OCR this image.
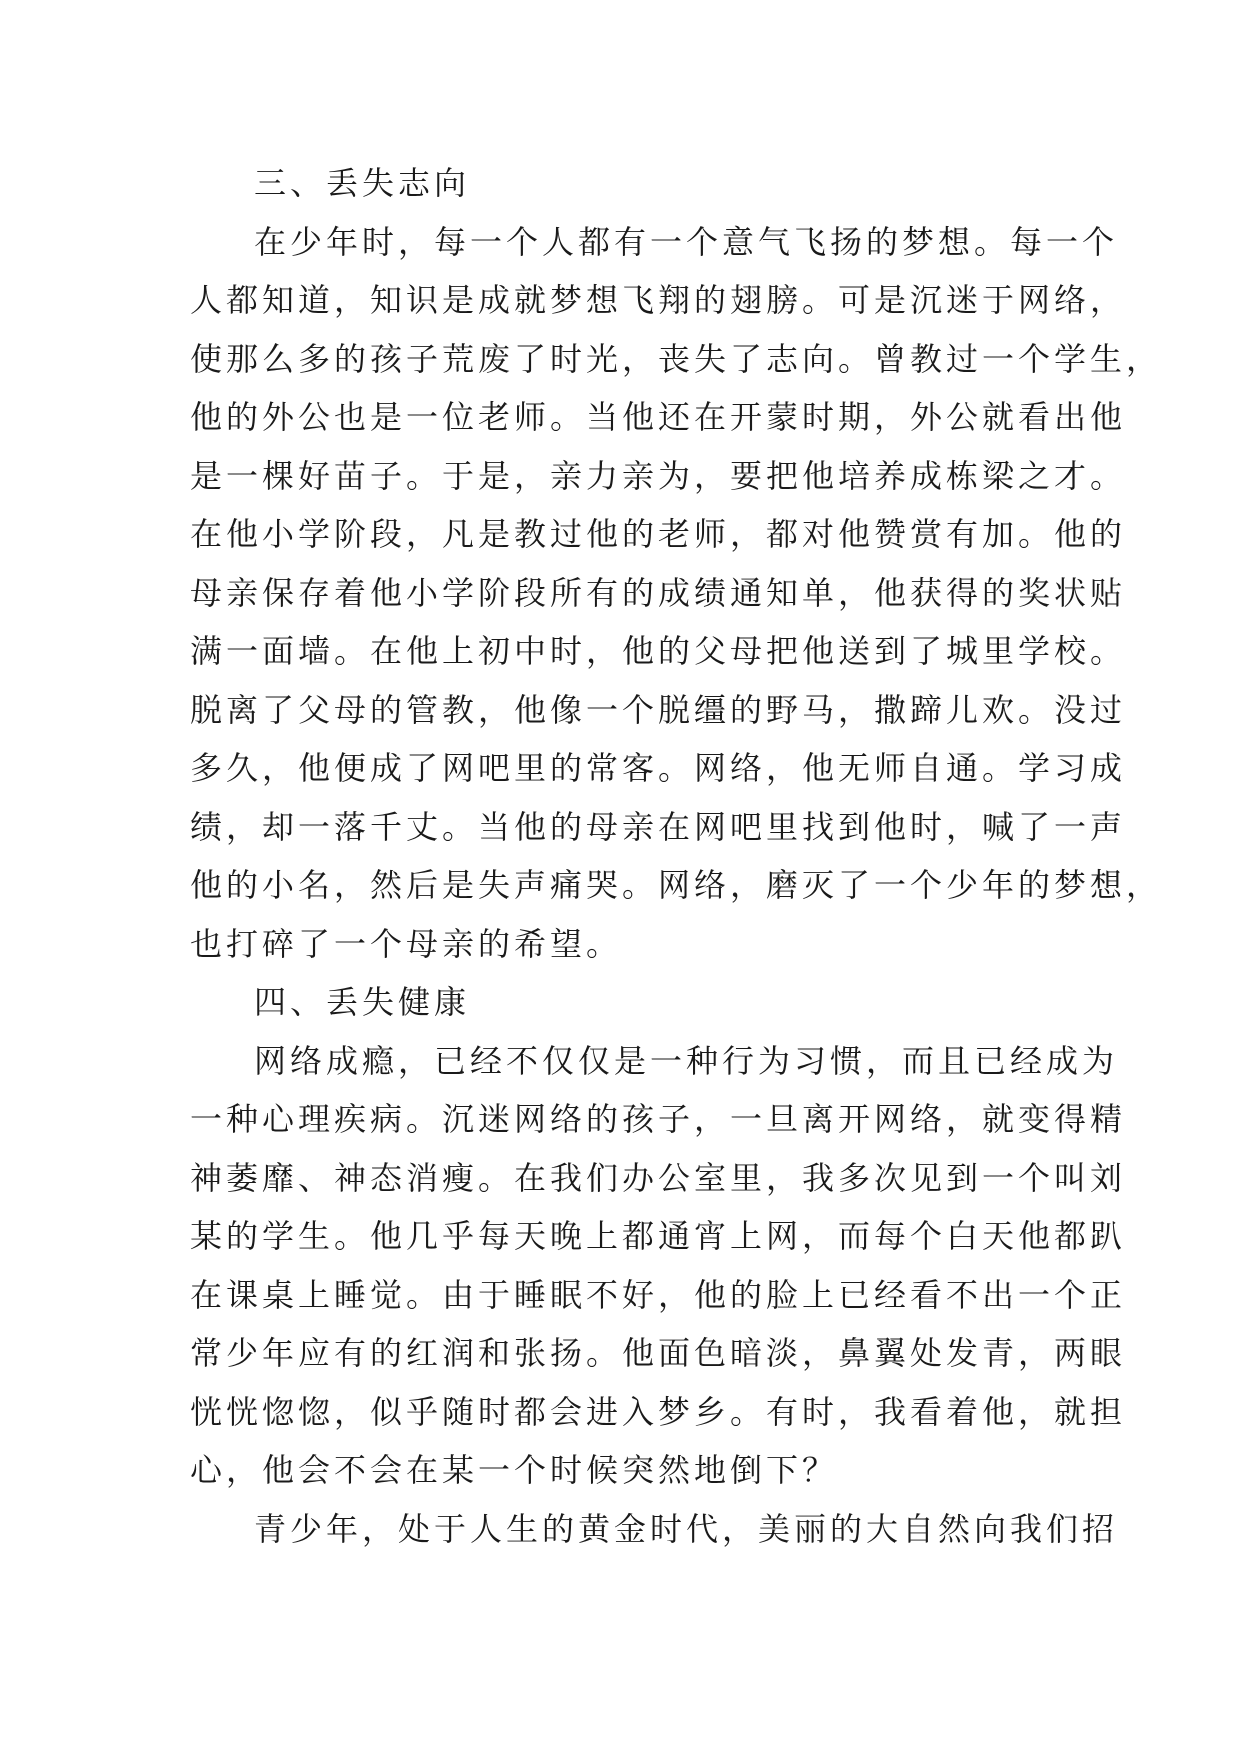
三、丢失志向
在少年时，每一个人都有一个意气飞扬的梦想。每一个
人都知道，知识是成就梦想飞翔的翅膀。可是沉迷于网络，
使那么多的孩子荒废了时光，丧失了志向。曾教过一个学生，
他的外公也是一位老师。当他还在开蒙时期，外公就看出他
是一棵好苗子。于是，亲力亲为，要把他培养成栋梁之才。
在他小学阶段，凡是教过他的老师，都对他赞赏有加。他的
母亲保存着他小学阶段所有的成绩通知单，他获得的奖状贴
满一面墙。在他上初中时，他的父母把他送到了城里学校。
脱离了父母的管教，他像一个脱缰的野马，撒蹄儿欢。没过
多久，他便成了网吧里的常客。网络，他无师自通。学习成
绩，却一落千丈。当他的母亲在网吧里找到他时，喊了一声
他的小名，然后是失声痛哭。网络，磨灭了一个少年的梦想，
也打碎了一个母亲的希望。
四、丢失健康
网络成瘾，已经不仅仅是一种行为习惯，而且已经成为
一种心理疾病。沉迷网络的孩子，一旦离开网络，就变得精
神萎靡、神态消瘦。在我们办公室里，我多次见到一个叫刘
某的学生。他几乎每天晚上都通宵上网，而每个白天他都趴
在课桌上睡觉。由于睡眠不好，他的脸上已经看不出一个正
常少年应有的红润和张扬。他面色暗淡，鼻翼处发青，两眼
恍恍惚惚，似乎随时都会进入梦乡。有时，我看着他，就担
心，他会不会在某一个时候突然地倒下？
青少年，处于人生的黄金时代，美丽的大自然向我们招
